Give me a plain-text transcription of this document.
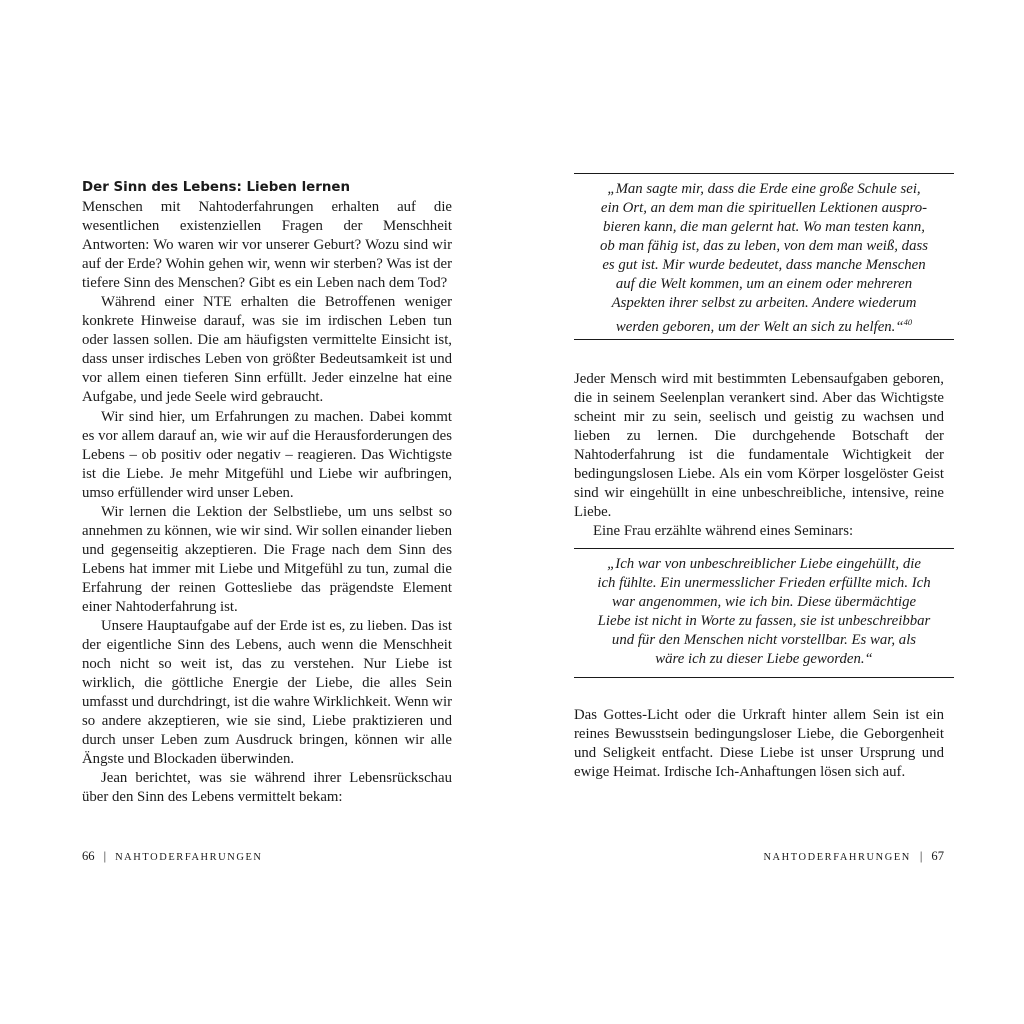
Der Sinn des Lebens: Lieben lernen

Menschen mit Nahtoderfahrungen erhalten auf die wesentlichen existenziellen Fragen der Menschheit Antworten: Wo waren wir vor unserer Geburt? Wozu sind wir auf der Erde? Wohin gehen wir, wenn wir sterben? Was ist der tiefere Sinn des Menschen? Gibt es ein Leben nach dem Tod?

Während einer NTE erhalten die Betroffenen weniger konkrete Hinweise darauf, was sie im irdischen Leben tun oder lassen sollen. Die am häufigsten vermittelte Einsicht ist, dass unser irdisches Leben von größter Bedeutsamkeit ist und vor allem einen tieferen Sinn erfüllt. Jeder einzelne hat eine Aufgabe, und jede Seele wird gebraucht.

Wir sind hier, um Erfahrungen zu machen. Dabei kommt es vor allem darauf an, wie wir auf die Herausforderungen des Lebens – ob positiv oder negativ – reagieren. Das Wichtigste ist die Liebe. Je mehr Mitgefühl und Liebe wir aufbringen, umso erfüllender wird unser Leben.

Wir lernen die Lektion der Selbstliebe, um uns selbst so annehmen zu können, wie wir sind. Wir sollen einander lieben und gegenseitig akzeptieren. Die Frage nach dem Sinn des Lebens hat immer mit Liebe und Mitgefühl zu tun, zumal die Erfahrung der reinen Gottesliebe das prägendste Element einer Nahtoderfahrung ist.

Unsere Hauptaufgabe auf der Erde ist es, zu lieben. Das ist der eigentliche Sinn des Lebens, auch wenn die Menschheit noch nicht so weit ist, das zu verstehen. Nur Liebe ist wirklich, die göttliche Energie der Liebe, die alles Sein umfasst und durchdringt, ist die wahre Wirklichkeit. Wenn wir so andere akzeptieren, wie sie sind, Liebe praktizieren und durch unser Leben zum Ausdruck bringen, können wir alle Ängste und Blockaden überwinden.

Jean berichtet, was sie während ihrer Lebensrückschau über den Sinn des Lebens vermittelt bekam:

66 | NAHTODERFAHRUNGEN

„Man sagte mir, dass die Erde eine große Schule sei,
ein Ort, an dem man die spirituellen Lektionen auspro-
bieren kann, die man gelernt hat. Wo man testen kann,
ob man fähig ist, das zu leben, von dem man weiß, dass
es gut ist. Mir wurde bedeutet, dass manche Menschen
auf die Welt kommen, um an einem oder mehreren
Aspekten ihrer selbst zu arbeiten. Andere wiederum
werden geboren, um der Welt an sich zu helfen.“$^{40}$

Jeder Mensch wird mit bestimmten Lebensaufgaben geboren, die in seinem Seelenplan verankert sind. Aber das Wichtigste scheint mir zu sein, seelisch und geistig zu wachsen und lieben zu lernen. Die durchgehende Botschaft der Nahtoderfahrung ist die fundamentale Wichtigkeit der bedingungslosen Liebe. Als ein vom Körper losgelöster Geist sind wir eingehüllt in eine unbeschreibliche, intensive, reine Liebe.

Eine Frau erzählte während eines Seminars:

„Ich war von unbeschreiblicher Liebe eingehüllt, die
ich fühlte. Ein unermesslicher Frieden erfüllte mich. Ich
war angenommen, wie ich bin. Diese übermächtige
Liebe ist nicht in Worte zu fassen, sie ist unbeschreibbar
und für den Menschen nicht vorstellbar. Es war, als
wäre ich zu dieser Liebe geworden.“

Das Gottes-Licht oder die Urkraft hinter allem Sein ist ein reines Bewusstsein bedingungsloser Liebe, die Geborgenheit und Seligkeit entfacht. Diese Liebe ist unser Ursprung und ewige Heimat. Irdische Ich-Anhaftungen lösen sich auf.

NAHTODERFAHRUNGEN | 67
